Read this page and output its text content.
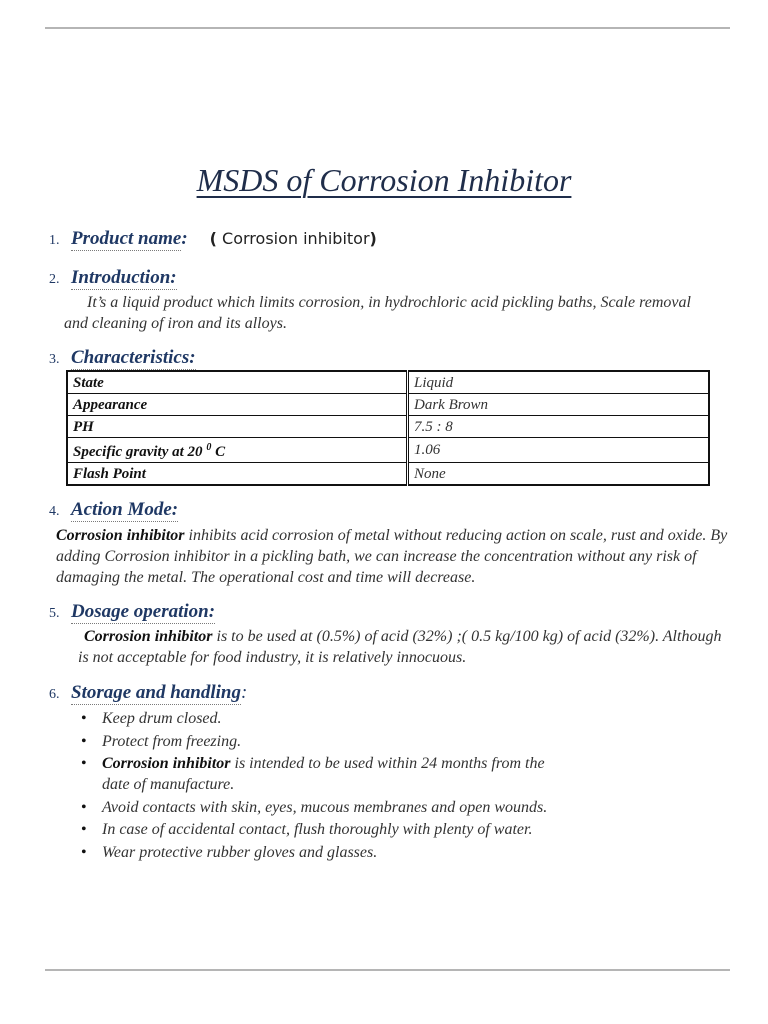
MSDS of Corrosion Inhibitor
1. Product name: ( Corrosion inhibitor)
2. Introduction:
It’s a liquid product which limits corrosion, in hydrochloric acid pickling baths, Scale removal and cleaning of iron and its alloys.
3. Characteristics:
State	Liquid
Appearance	Dark Brown
PH	7.5 : 8
Specific gravity at 20 $^0$ C	1.06
Flash Point	None
4. Action Mode:
Corrosion inhibitor inhibits acid corrosion of metal without reducing action on scale, rust and oxide. By adding Corrosion inhibitor in a pickling bath, we can increase the concentration without any risk of damaging the metal. The operational cost and time will decrease.
5. Dosage operation:
Corrosion inhibitor is to be used at (0.5%) of acid (32%) ;( 0.5 kg/100 kg) of acid (32%). Although is not acceptable for food industry, it is relatively innocuous.
6. Storage and handling:
• Keep drum closed.
• Protect from freezing.
• Corrosion inhibitor is intended to be used within 24 months from the date of manufacture.
• Avoid contacts with skin, eyes, mucous membranes and open wounds.
• In case of accidental contact, flush thoroughly with plenty of water.
• Wear protective rubber gloves and glasses.
